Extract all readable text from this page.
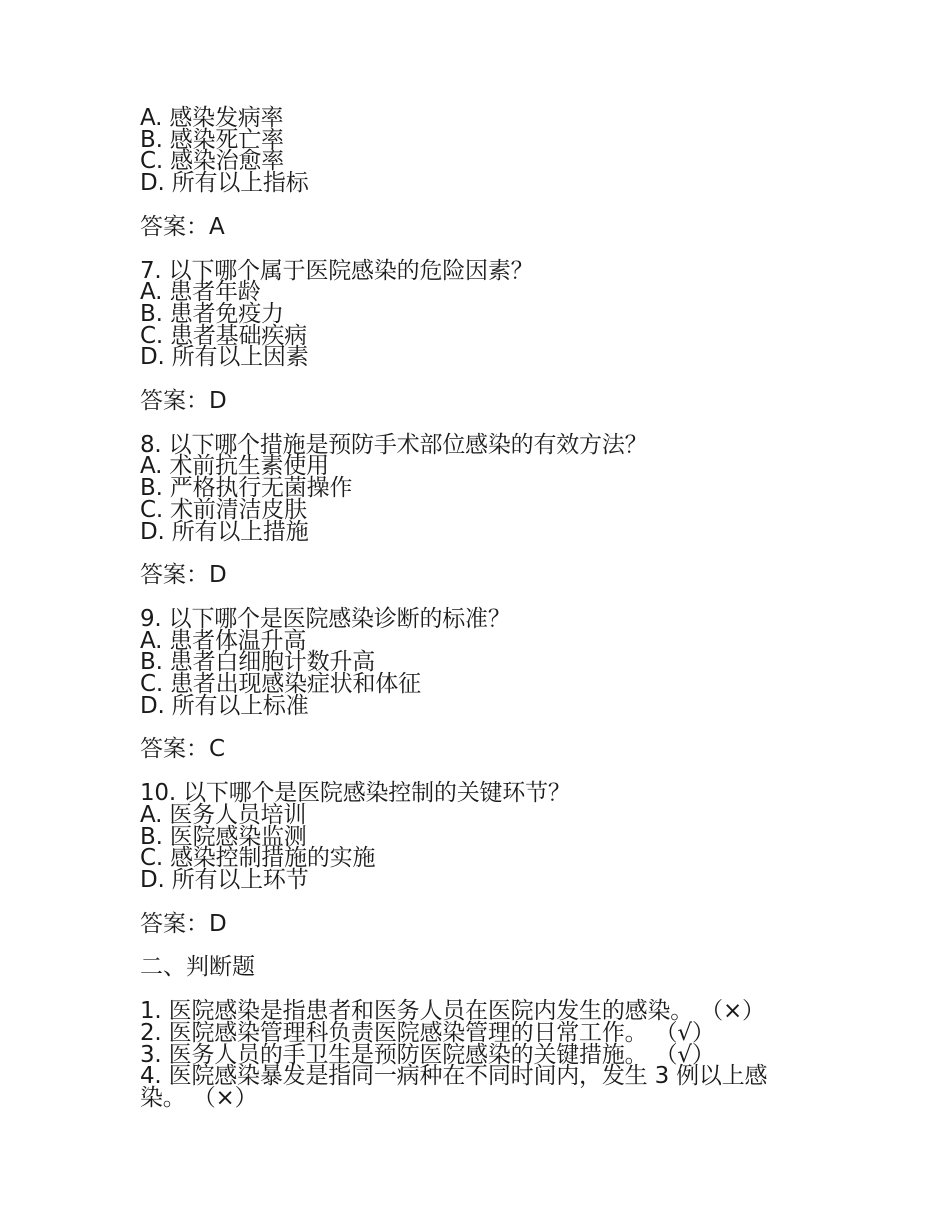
A. 感染发病率
B. 感染死亡率
C. 感染治愈率
D. 所有以上指标
答案：A
7. 以下哪个属于医院感染的危险因素？
A. 患者年龄
B. 患者免疫力
C. 患者基础疾病
D. 所有以上因素
答案：D
8. 以下哪个措施是预防手术部位感染的有效方法？
A. 术前抗生素使用
B. 严格执行无菌操作
C. 术前清洁皮肤
D. 所有以上措施
答案：D
9. 以下哪个是医院感染诊断的标准？
A. 患者体温升高
B. 患者白细胞计数升高
C. 患者出现感染症状和体征
D. 所有以上标准
答案：C
10. 以下哪个是医院感染控制的关键环节？
A. 医务人员培训
B. 医院感染监测
C. 感染控制措施的实施
D. 所有以上环节
答案：D
二、判断题
1. 医院感染是指患者和医务人员在医院内发生的感染。 （×）
2. 医院感染管理科负责医院感染管理的日常工作。 （√）
3. 医务人员的手卫生是预防医院感染的关键措施。 （√）
4. 医院感染暴发是指同一病种在不同时间内，发生 3 例以上感染。 （×）
